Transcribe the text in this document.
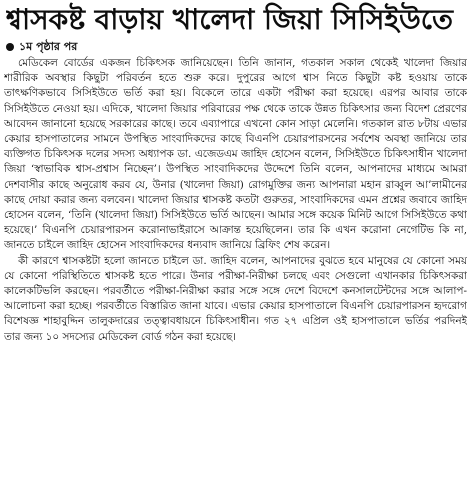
শ্বাসকষ্ট বাড়ায় খালেদা জিয়া সিসিইউতে
১ম পৃষ্ঠার পর

মেডিকেল বোর্ডের একজন চিকিৎসক জানিয়েছেন। তিনি জানান, গতকাল সকাল থেকেই খালেদা জিয়ার শারীরিক অবস্থার কিছুটা পরিবর্তন হতে শুরু করে। দুপুরের আগে শ্বাস নিতে কিছুটা কষ্ট হওয়ায় তাকে তাৎক্ষণিকভাবে সিসিইউতে ভর্তি করা হয়। বিকেলে তারে একটা পরীক্ষা করা হয়েছে। এরপর আবার তাকে সিসিইউতে নেওয়া হয়। এদিকে, খালেদা জিয়ার পরিবারের পক্ষ থেকে তাকে উন্নত চিকিৎসার জন্য বিদেশ প্রেরণের আবেদন জানানো হয়েছে সরকারের কাছে। তবে এব্যাপারে এখনো কোন সাড়া মেলেনি। গতকাল রাত ৮টায় এভার কেয়ার হাসপাতালের সামনে উপস্থিত সাংবাদিকদের কাছে বিএনপি চেয়ারপারসনের সর্বশেষ অবস্থা জানিয়ে তার ব্যক্তিগত চিকিৎসক দলের সদস্য অধ্যাপক ডা. এজেডএম জাহিদ হোসেন বলেন, সিসিইউতে চিকিৎসাধীন খালেদা জিয়া ‘স্বাভাবিক শ্বাস-প্রশ্বাস নিচ্ছেন’। উপস্থিত সাংবাদিকদের উদ্দেশে তিনি বলেন, আপনাদের মাধ্যমে আমরা দেশবাসীর কাছে অনুরোধ করব যে, উনার (খালেদা জিয়া) রোগমুক্তির জন্য আপনারা মহান রাব্বুল আ’লামীনের কাছে দোয়া করার জন্য বলবেন। খালেদা জিয়ার শ্বাসকষ্ট কতটা গুরুতর, সাংবাদিকদের এমন প্রশ্নের জবাবে জাহিদ হোসেন বলেন, ‘তিনি (খালেদা জিয়া) সিসিইউতে ভর্তি আছেন। আমার সঙ্গে কয়েক মিনিট আগে সিসিইউতে কথা হয়েছে।’ বিএনপি চেয়ারপারসন করোনাভাইরাসে আক্রান্ত হয়েছিলেন। তার কি এখন করোনা নেগেটিভ কি না, জানতে চাইলে জাহিদ হোসেন সাংবাদিকদের ধন্যবাদ জানিয়ে ব্রিফিং শেষ করেন।

কী কারণে শ্বাসকষ্টটা হলো জানতে চাইলে ডা. জাহিদ বলেন, আপনাদের বুঝতে হবে মানুষের যে কোনো সময় যে কোনো পরিস্থিতিতে শ্বাসকষ্ট হতে পারে। উনার পরীক্ষা-নিরীক্ষা চলছে এবং সেগুলো এখানকার চিকিৎসকরা কালেকটিভলি করছেন। পরবর্তীতে পরীক্ষা-নিরীক্ষা করার সঙ্গে সঙ্গে দেশে বিদেশে কনসালটেন্টদের সঙ্গে আলাপ-আলোচনা করা হচ্ছে। পরবর্তীতে বিস্তারিত জানা যাবে। এভার কেয়ার হাসপাতালে বিএনপি চেয়ারপারসন হৃদরোগ বিশেষজ্ঞ শাহাবুদ্দিন তালুকদারের তত্ত্বাবধায়নে চিকিৎসাধীন। গত ২৭ এপ্রিল ওই হাসপাতালে ভর্তির পরদিনই তার জন্য ১০ সদস্যের মেডিকেল বোর্ড গঠন করা হয়েছে।
